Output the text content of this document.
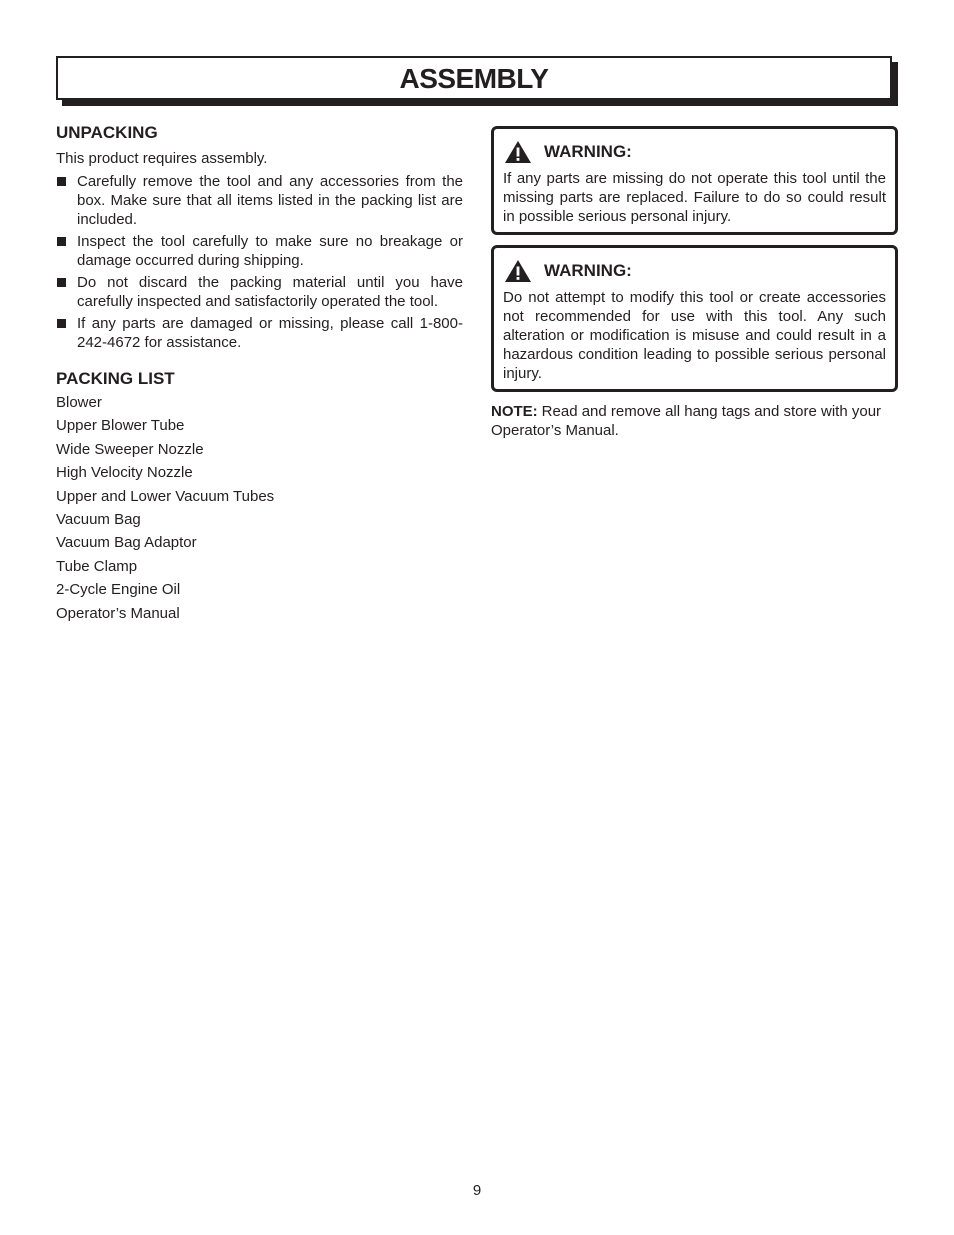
ASSEMBLY
UNPACKING

This product requires assembly.

Carefully remove the tool and any accessories from the box. Make sure that all items listed in the packing list are included.
Inspect the tool carefully to make sure no breakage or damage occurred during shipping.
Do not discard the packing material until you have carefully inspected and satisfactorily operated the tool.
If any parts are damaged or missing, please call 1-800-242-4672 for assistance.
PACKING LIST
Blower
Upper Blower Tube
Wide Sweeper Nozzle
High Velocity Nozzle
Upper and Lower Vacuum Tubes
Vacuum Bag
Vacuum Bag Adaptor
Tube Clamp
2-Cycle Engine Oil
Operator’s Manual
WARNING:

If any parts are missing do not operate this tool until the missing parts are replaced. Failure to do so could result in possible serious personal injury.

WARNING:

Do not attempt to modify this tool or create accessories not recommended for use with this tool. Any such alteration or modification is misuse and could result in a hazardous condition leading to possible serious personal injury.

NOTE: Read and remove all hang tags and store with your Operator’s Manual.

9
